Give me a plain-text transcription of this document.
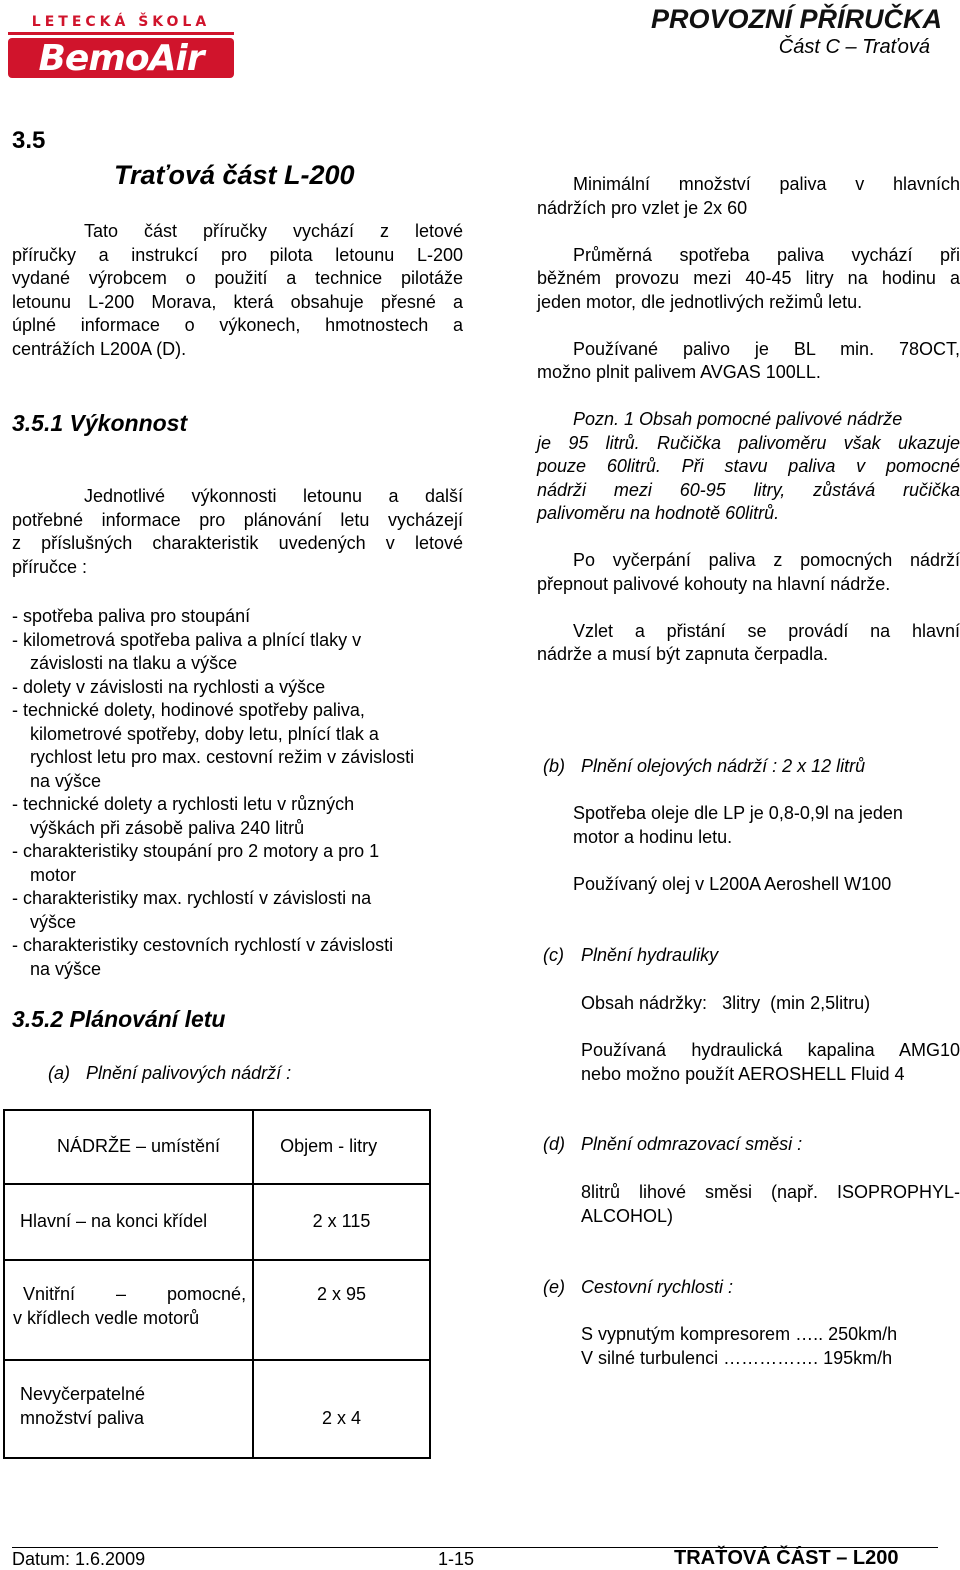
LETECKÁ ŠKOLA
BemoAir
PROVOZNÍ PŘÍRUČKA
Část C – Traťová
3.5
Traťová část L-200
Tato část příručky vychází z letové
příručky a instrukcí pro pilota letounu L-200
vydané výrobcem o použití a technice pilotáže
letounu L-200 Morava, která obsahuje přesné a
úplné informace o výkonech, hmotnostech a
centrážích L200A (D).
3.5.1 Výkonnost
Jednotlivé výkonnosti letounu a další
potřebné informace pro plánování letu vycházejí
z příslušných charakteristik uvedených v letové
příručce :
- spotřeba paliva pro stoupání
- kilometrová spotřeba paliva a plnící tlaky v
závislosti na tlaku a výšce
- dolety v závislosti na rychlosti a výšce
- technické dolety, hodinové spotřeby paliva,
kilometrové spotřeby, doby letu, plnící tlak a
rychlost letu pro max. cestovní režim v závislosti
na výšce
- technické dolety a rychlosti letu v různých
výškách při zásobě paliva 240 litrů
- charakteristiky stoupání pro 2 motory a pro 1
motor
- charakteristiky max. rychlostí v závislosti na
výšce
- charakteristiky cestovních rychlostí v závislosti
na výšce
3.5.2 Plánování letu
(a) Plnění palivových nádrží :
NÁDRŽE – umístění	Objem - litry
Hlavní – na konci křídel	2 x 115

Vnitřní – pomocné,
v křídlech vedle motorů	2 x 95

Nevyčerpatelné
množství paliva	2 x 4
Minimální množství paliva v hlavních
nádržích pro vzlet je 2x 60
Průměrná spotřeba paliva vychází při
běžném provozu mezi 40-45 litry na hodinu a
jeden motor, dle jednotlivých režimů letu.
Používané palivo je BL min. 78OCT,
možno plnit palivem AVGAS 100LL.
Pozn. 1 Obsah pomocné palivové nádrže
je 95 litrů. Ručička palivoměru však ukazuje
pouze 60litrů. Při stavu paliva v pomocné
nádrži mezi 60-95 litry, zůstává ručička
palivoměru na hodnotě 60litrů.
Po vyčerpání paliva z pomocných nádrží
přepnout palivové kohouty na hlavní nádrže.
Vzlet a přistání se provádí na hlavní
nádrže a musí být zapnuta čerpadla.
(b) Plnění olejových nádrží : 2 x 12 litrů
Spotřeba oleje dle LP je 0,8-0,9l na jeden
motor a hodinu letu.
Používaný olej v L200A Aeroshell W100
(c) Plnění hydrauliky
Obsah nádržky:   3litry  (min 2,5litru)
Používaná hydraulická kapalina AMG10
nebo možno použít AEROSHELL Fluid 4
(d) Plnění odmrazovací směsi :
8litrů lihové směsi (např. ISOPROPHYL-
ALCOHOL)
(e) Cestovní rychlosti :
S vypnutým kompresorem ….. 250km/h
V silné turbulenci ……………. 195km/h
Datum: 1.6.2009	1-15	TRAŤOVÁ ČÁST – L200
